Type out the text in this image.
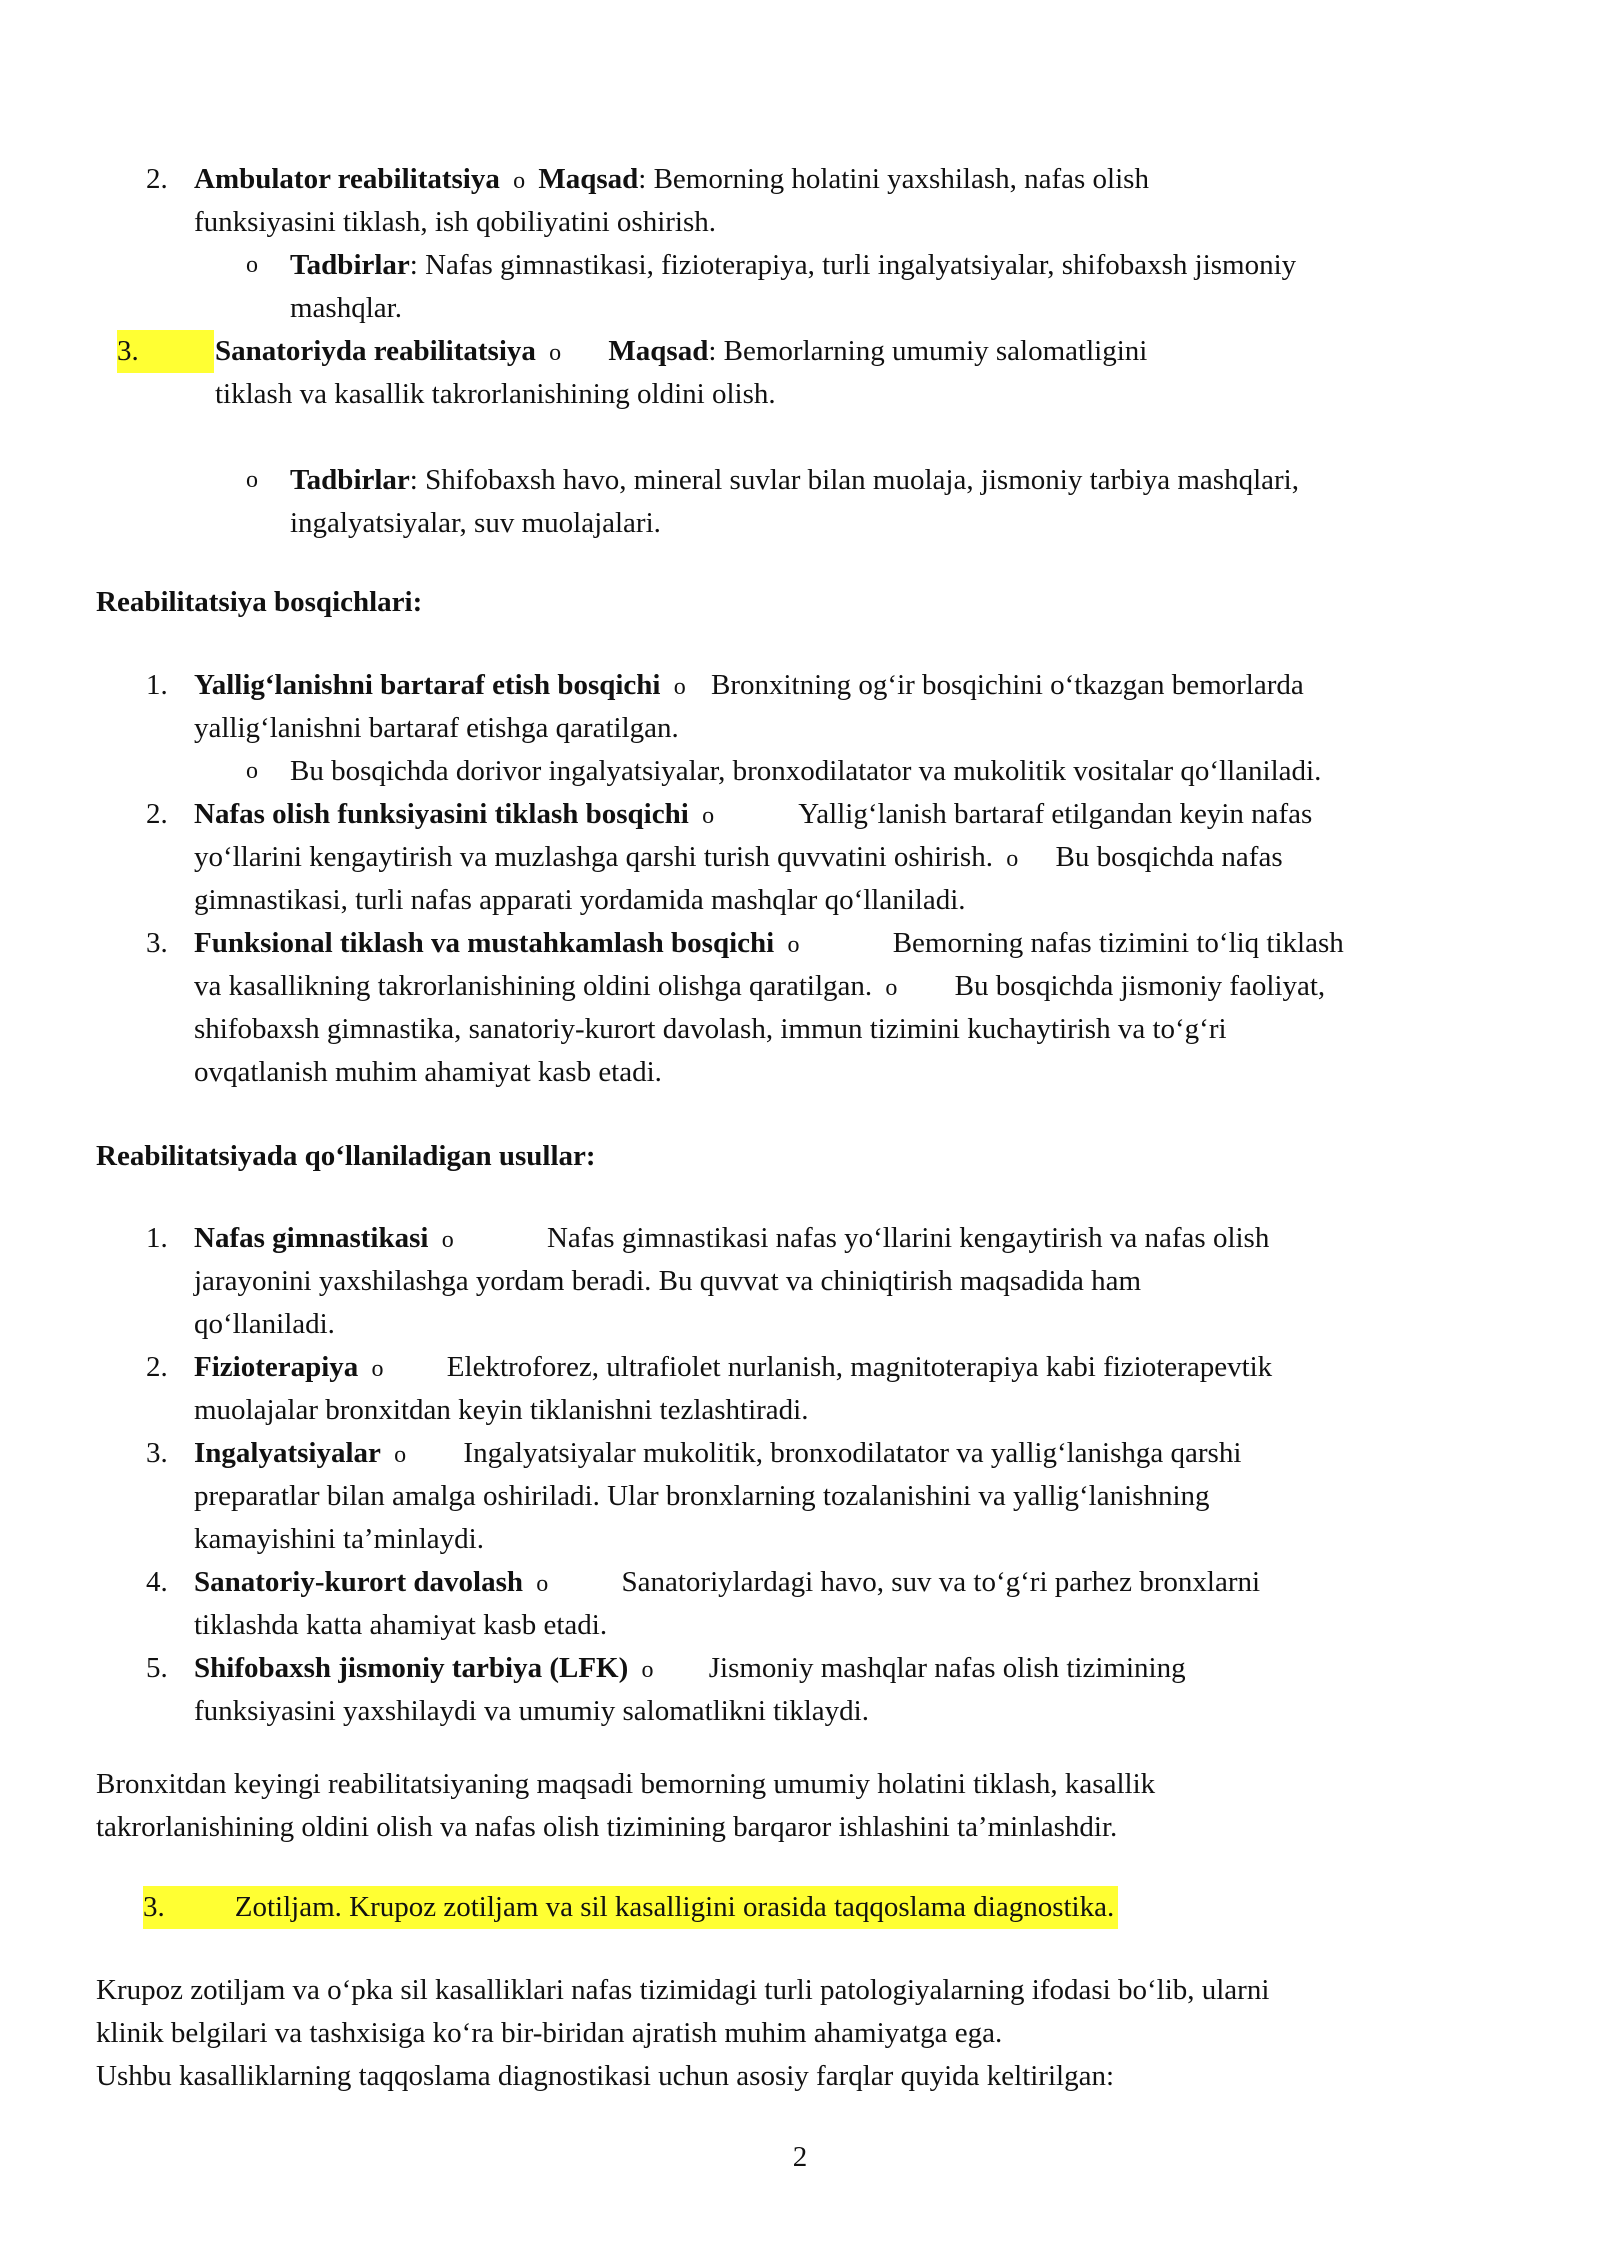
2. Ambulator reabilitatsiya o Maqsad: Bemorning holatini yaxshilash, nafas olish
funksiyasini tiklash, ish qobiliyatini oshirish.
o Tadbirlar: Nafas gimnastikasi, fizioterapiya, turli ingalyatsiyalar, shifobaxsh jismoniy
mashqlar.
3.	Sanatoriyda reabilitatsiya o Maqsad: Bemorlarning umumiy salomatligini
tiklash va kasallik takrorlanishining oldini olish.
o Tadbirlar: Shifobaxsh havo, mineral suvlar bilan muolaja, jismoniy tarbiya mashqlari,
ingalyatsiyalar, suv muolajalari.
Reabilitatsiya bosqichlari:
1. Yallig‘lanishni bartaraf etish bosqichi o Bronxitning og‘ir bosqichini o‘tkazgan bemorlarda
yallig‘lanishni bartaraf etishga qaratilgan.
o Bu bosqichda dorivor ingalyatsiyalar, bronxodilatator va mukolitik vositalar qo‘llaniladi.
2. Nafas olish funksiyasini tiklash bosqichi o	Yallig‘lanish bartaraf etilgandan keyin nafas
yo‘llarini kengaytirish va muzlashga qarshi turish quvvatini oshirish. o Bu bosqichda nafas
gimnastikasi, turli nafas apparati yordamida mashqlar qo‘llaniladi.
3. Funksional tiklash va mustahkamlash bosqichi o	Bemorning nafas tizimini to‘liq tiklash
va kasallikning takrorlanishining oldini olishga qaratilgan. o Bu bosqichda jismoniy faoliyat,
shifobaxsh gimnastika, sanatoriy-kurort davolash, immun tizimini kuchaytirish va to‘g‘ri
ovqatlanish muhim ahamiyat kasb etadi.
Reabilitatsiyada qo‘llaniladigan usullar:
1. Nafas gimnastikasi o	Nafas gimnastikasi nafas yo‘llarini kengaytirish va nafas olish
jarayonini yaxshilashga yordam beradi. Bu quvvat va chiniqtirish maqsadida ham
qo‘llaniladi.
2. Fizioterapiya o Elektroforez, ultrafiolet nurlanish, magnitoterapiya kabi fizioterapevtik
muolajalar bronxitdan keyin tiklanishni tezlashtiradi.
3. Ingalyatsiyalar o Ingalyatsiyalar mukolitik, bronxodilatator va yallig‘lanishga qarshi
preparatlar bilan amalga oshiriladi. Ular bronxlarning tozalanishini va yallig‘lanishning
kamayishini ta’minlaydi.
4. Sanatoriy-kurort davolash o	Sanatoriylardagi havo, suv va to‘g‘ri parhez bronxlarni
tiklashda katta ahamiyat kasb etadi.
5. Shifobaxsh jismoniy tarbiya (LFK) o Jismoniy mashqlar nafas olish tizimining
funksiyasini yaxshilaydi va umumiy salomatlikni tiklaydi.
Bronxitdan keyingi reabilitatsiyaning maqsadi bemorning umumiy holatini tiklash, kasallik
takrorlanishining oldini olish va nafas olish tizimining barqaror ishlashini ta’minlashdir.
3. Zotiljam. Krupoz zotiljam va sil kasalligini orasida taqqoslama diagnostika.
Krupoz zotiljam va o‘pka sil kasalliklari nafas tizimidagi turli patologiyalarning ifodasi bo‘lib, ularni
klinik belgilari va tashxisiga ko‘ra bir-biridan ajratish muhim ahamiyatga ega.
Ushbu kasalliklarning taqqoslama diagnostikasi uchun asosiy farqlar quyida keltirilgan:
2
